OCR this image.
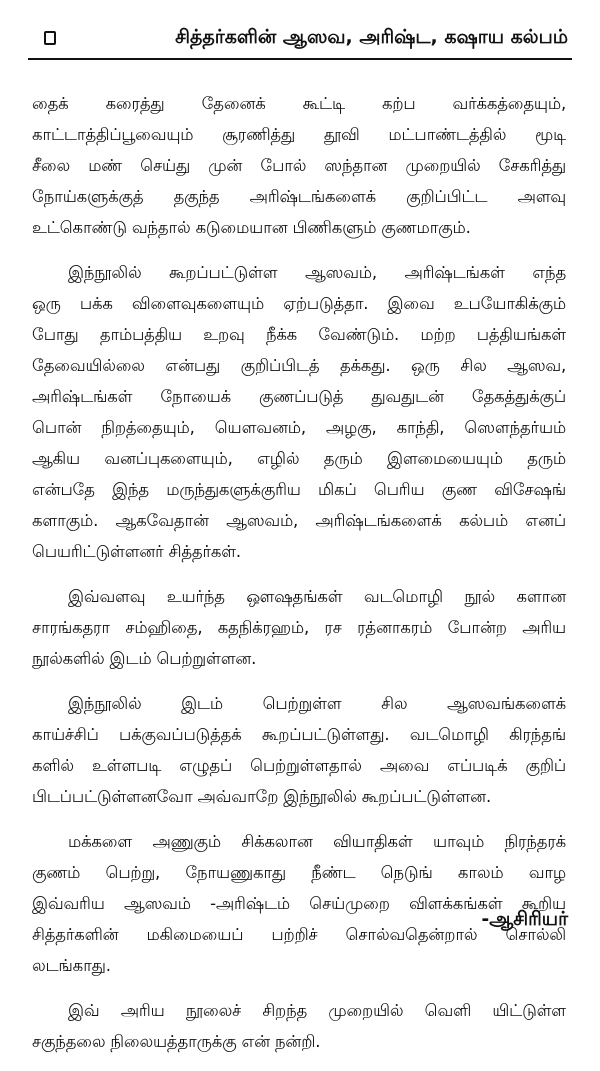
சித்தர்களின் ஆஸவ, அரிஷ்ட, கஷாய கல்பம்
தைக் கரைத்து தேனைக் கூட்டி கற்ப வர்க்கத்தையும்,
காட்டாத்திப்பூவையும் சூரணித்து தூவி மட்பாண்டத்தில் மூடி
சீலை மண் செய்து முன் போல் ஸந்தான முறையில் சேகரித்து
நோய்களுக்குத் தகுந்த அரிஷ்டங்களைக் குறிப்பிட்ட அளவு
உட்கொண்டு வந்தால் கடுமையான பிணிகளும் குணமாகும்.
இந்நூலில் கூறப்பட்டுள்ள ஆஸவம், அரிஷ்டங்கள் எந்த
ஒரு பக்க விளைவுகளையும் ஏற்படுத்தா. இவை உபயோகிக்கும்
போது தாம்பத்திய உறவு நீக்க வேண்டும். மற்ற பத்தியங்கள்
தேவையில்லை என்பது குறிப்பிடத் தக்கது. ஒரு சில ஆஸவ,
அரிஷ்டங்கள் நோயைக் குணப்படுத் துவதுடன் தேகத்துக்குப்
பொன் நிறத்தையும், யௌவனம், அழகு, காந்தி, ஸௌந்தர்யம்
ஆகிய வனப்புகளையும், எழில் தரும் இளமையையும் தரும்
என்பதே இந்த மருந்துகளுக்குரிய மிகப் பெரிய குண விசேஷங்
களாகும். ஆகவேதான் ஆஸவம், அரிஷ்டங்களைக் கல்பம் எனப்
பெயரிட்டுள்ளனர் சித்தர்கள்.
இவ்வளவு உயர்ந்த ஔஷதங்கள் வடமொழி நூல் களான
சாரங்கதரா சம்ஹிதை, கதநிக்ரஹம், ரச ரத்னாகரம் போன்ற அரிய
நூல்களில் இடம் பெற்றுள்ளன.
இந்நூலில் இடம் பெற்றுள்ள சில ஆஸவங்களைக்
காய்ச்சிப் பக்குவப்படுத்தக் கூறப்பட்டுள்ளது. வடமொழி கிரந்தங்
களில் உள்ளபடி எழுதப் பெற்றுள்ளதால் அவை எப்படிக் குறிப்
பிடப்பட்டுள்ளனவோ அவ்வாறே இந்நூலில் கூறப்பட்டுள்ளன.
மக்களை அணுகும் சிக்கலான வியாதிகள் யாவும் நிரந்தரக்
குணம் பெற்று, நோயணுகாது நீண்ட நெடுங் காலம் வாழ
இவ்வரிய ஆஸவம் -அரிஷ்டம் செய்முறை விளக்கங்கள் கூறிய
சித்தர்களின் மகிமையைப் பற்றிச் சொல்வதென்றால் சொல்லி
லடங்காது.
இவ் அரிய நூலைச் சிறந்த முறையில் வெளி யிட்டுள்ள
சகுந்தலை நிலையத்தாருக்கு என் நன்றி.
-ஆசிரியர்
